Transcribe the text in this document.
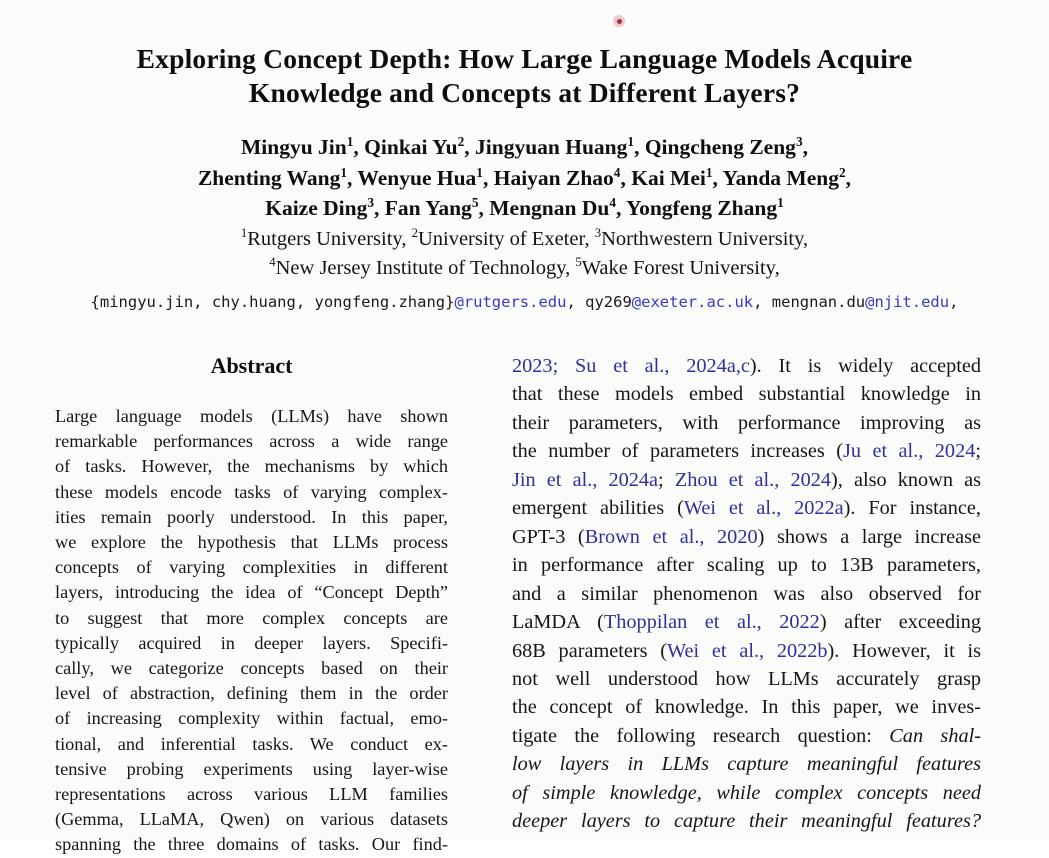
Exploring Concept Depth: How Large Language Models Acquire
Knowledge and Concepts at Different Layers?
Mingyu Jin$^1$, Qinkai Yu$^2$, Jingyuan Huang$^1$, Qingcheng Zeng$^3$,
Zhenting Wang$^1$, Wenyue Hua$^1$, Haiyan Zhao$^4$, Kai Mei$^1$, Yanda Meng$^2$,
Kaize Ding$^3$, Fan Yang$^5$, Mengnan Du$^4$, Yongfeng Zhang$^1$
$^1$Rutgers University, $^2$University of Exeter, $^3$Northwestern University,
$^4$New Jersey Institute of Technology, $^5$Wake Forest University,
{mingyu.jin, chy.huang, yongfeng.zhang}@rutgers.edu, qy269@exeter.ac.uk, mengnan.du@njit.edu,
Abstract
Large language models (LLMs) have shown
remarkable performances across a wide range
of tasks. However, the mechanisms by which
these models encode tasks of varying complex-
ities remain poorly understood. In this paper,
we explore the hypothesis that LLMs process
concepts of varying complexities in different
layers, introducing the idea of “Concept Depth”
to suggest that more complex concepts are
typically acquired in deeper layers. Specifi-
cally, we categorize concepts based on their
level of abstraction, defining them in the order
of increasing complexity within factual, emo-
tional, and inferential tasks. We conduct ex-
tensive probing experiments using layer-wise
representations across various LLM families
(Gemma, LLaMA, Qwen) on various datasets
spanning the three domains of tasks. Our find-
2023; Su et al., 2024a,c). It is widely accepted
that these models embed substantial knowledge in
their parameters, with performance improving as
the number of parameters increases (Ju et al., 2024;
Jin et al., 2024a; Zhou et al., 2024), also known as
emergent abilities (Wei et al., 2022a). For instance,
GPT-3 (Brown et al., 2020) shows a large increase
in performance after scaling up to 13B parameters,
and a similar phenomenon was also observed for
LaMDA (Thoppilan et al., 2022) after exceeding
68B parameters (Wei et al., 2022b). However, it is
not well understood how LLMs accurately grasp
the concept of knowledge. In this paper, we inves-
tigate the following research question: Can shal-
low layers in LLMs capture meaningful features
of simple knowledge, while complex concepts need
deeper layers to capture their meaningful features?
